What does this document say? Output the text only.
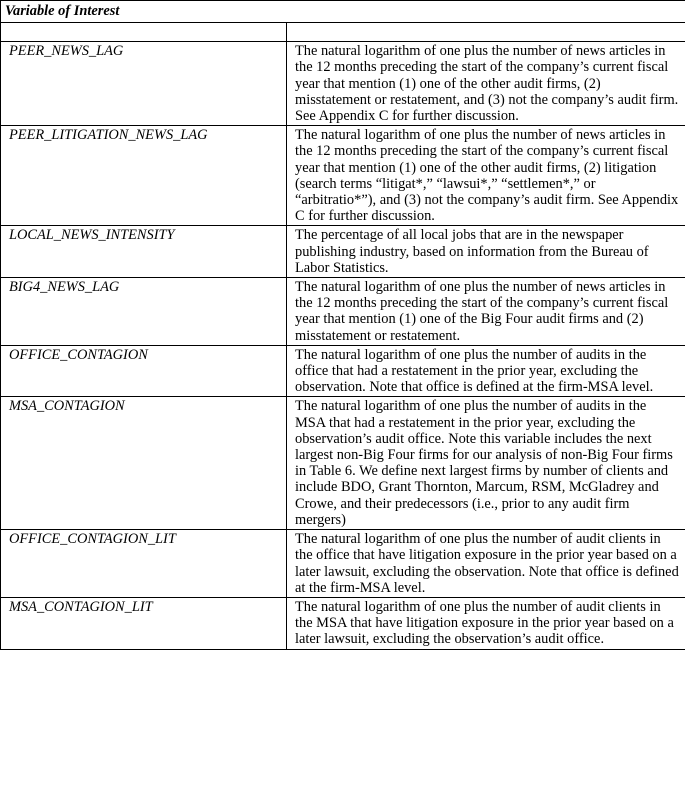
Variable of Interest	

PEER_NEWS_LAG	The natural logarithm of one plus the number of news articles in the 12 months preceding the start of the company’s current fiscal year that mention (1) one of the other audit firms, (2) misstatement or restatement, and (3) not the company’s audit firm. See Appendix C for further discussion.
PEER_LITIGATION_NEWS_LAG	The natural logarithm of one plus the number of news articles in the 12 months preceding the start of the company’s current fiscal year that mention (1) one of the other audit firms, (2) litigation (search terms “litigat*,” “lawsui*,” “settlemen*,” or “arbitratio*”), and (3) not the company’s audit firm. See Appendix C for further discussion.
LOCAL_NEWS_INTENSITY	The percentage of all local jobs that are in the newspaper publishing industry, based on information from the Bureau of Labor Statistics.
BIG4_NEWS_LAG	The natural logarithm of one plus the number of news articles in the 12 months preceding the start of the company’s current fiscal year that mention (1) one of the Big Four audit firms and (2) misstatement or restatement.
OFFICE_CONTAGION	The natural logarithm of one plus the number of audits in the office that had a restatement in the prior year, excluding the observation. Note that office is defined at the firm-MSA level.
MSA_CONTAGION	The natural logarithm of one plus the number of audits in the MSA that had a restatement in the prior year, excluding the observation’s audit office. Note this variable includes the next largest non-Big Four firms for our analysis of non-Big Four firms in Table 6. We define next largest firms by number of clients and include BDO, Grant Thornton, Marcum, RSM, McGladrey and Crowe, and their predecessors (i.e., prior to any audit firm mergers)
OFFICE_CONTAGION_LIT	The natural logarithm of one plus the number of audit clients in the office that have litigation exposure in the prior year based on a later lawsuit, excluding the observation. Note that office is defined at the firm-MSA level.
MSA_CONTAGION_LIT	The natural logarithm of one plus the number of audit clients in the MSA that have litigation exposure in the prior year based on a later lawsuit, excluding the observation’s audit office.
